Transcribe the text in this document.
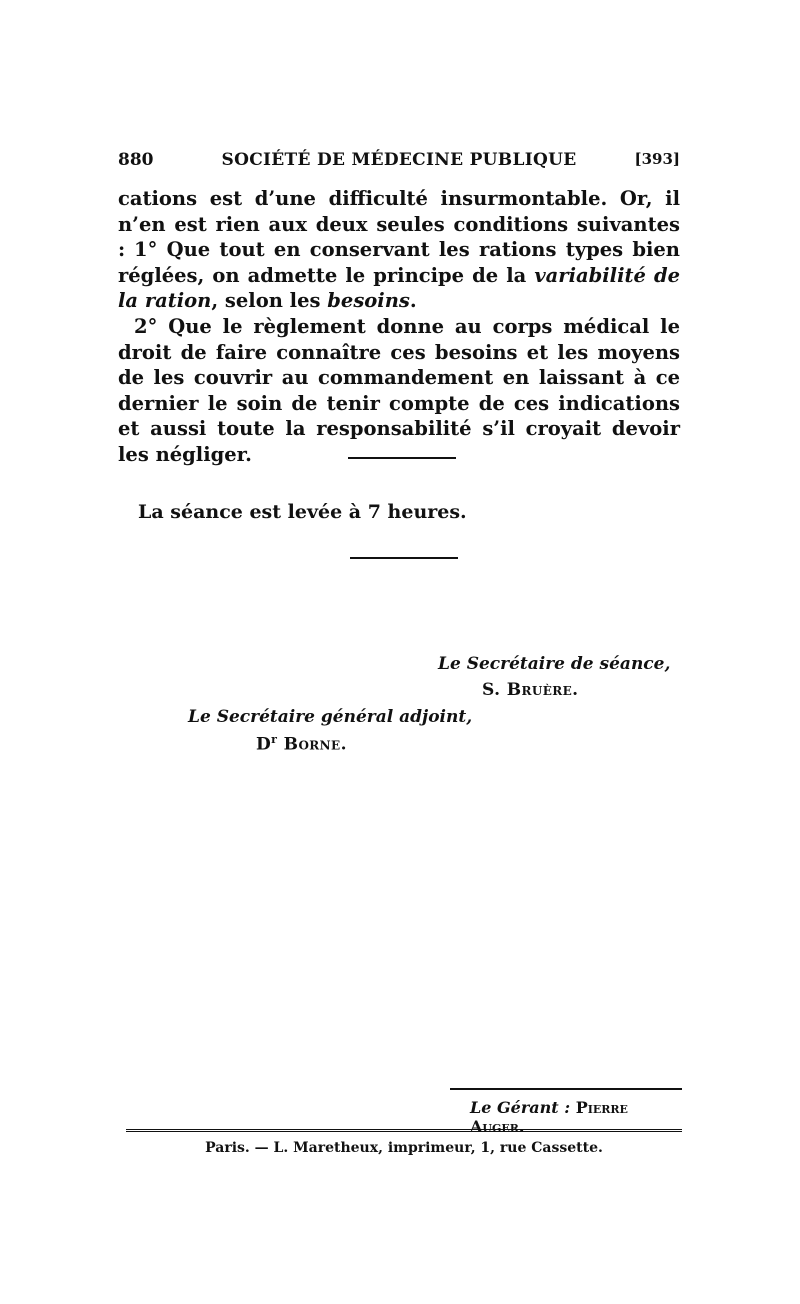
880	SOCIÉTÉ DE MÉDECINE PUBLIQUE	[393]
cations est d’une difficulté insurmontable. Or, il n’en est rien aux deux seules conditions suivantes : 1° Que tout en conservant les rations types bien réglées, on admette le principe de la variabilité de la ration, selon les besoins.
2° Que le règlement donne au corps médical le droit de faire connaître ces besoins et les moyens de les couvrir au commandement en laissant à ce dernier le soin de tenir compte de ces indications et aussi toute la responsabilité s’il croyait devoir les négliger.
La séance est levée à 7 heures.
Le Secrétaire de séance,
S. Bruère.
Le Secrétaire général adjoint,
$D^r$ Borne.
Le Gérant : Pierre Auger.
Paris. — L. Maretheux, imprimeur, 1, rue Cassette.
